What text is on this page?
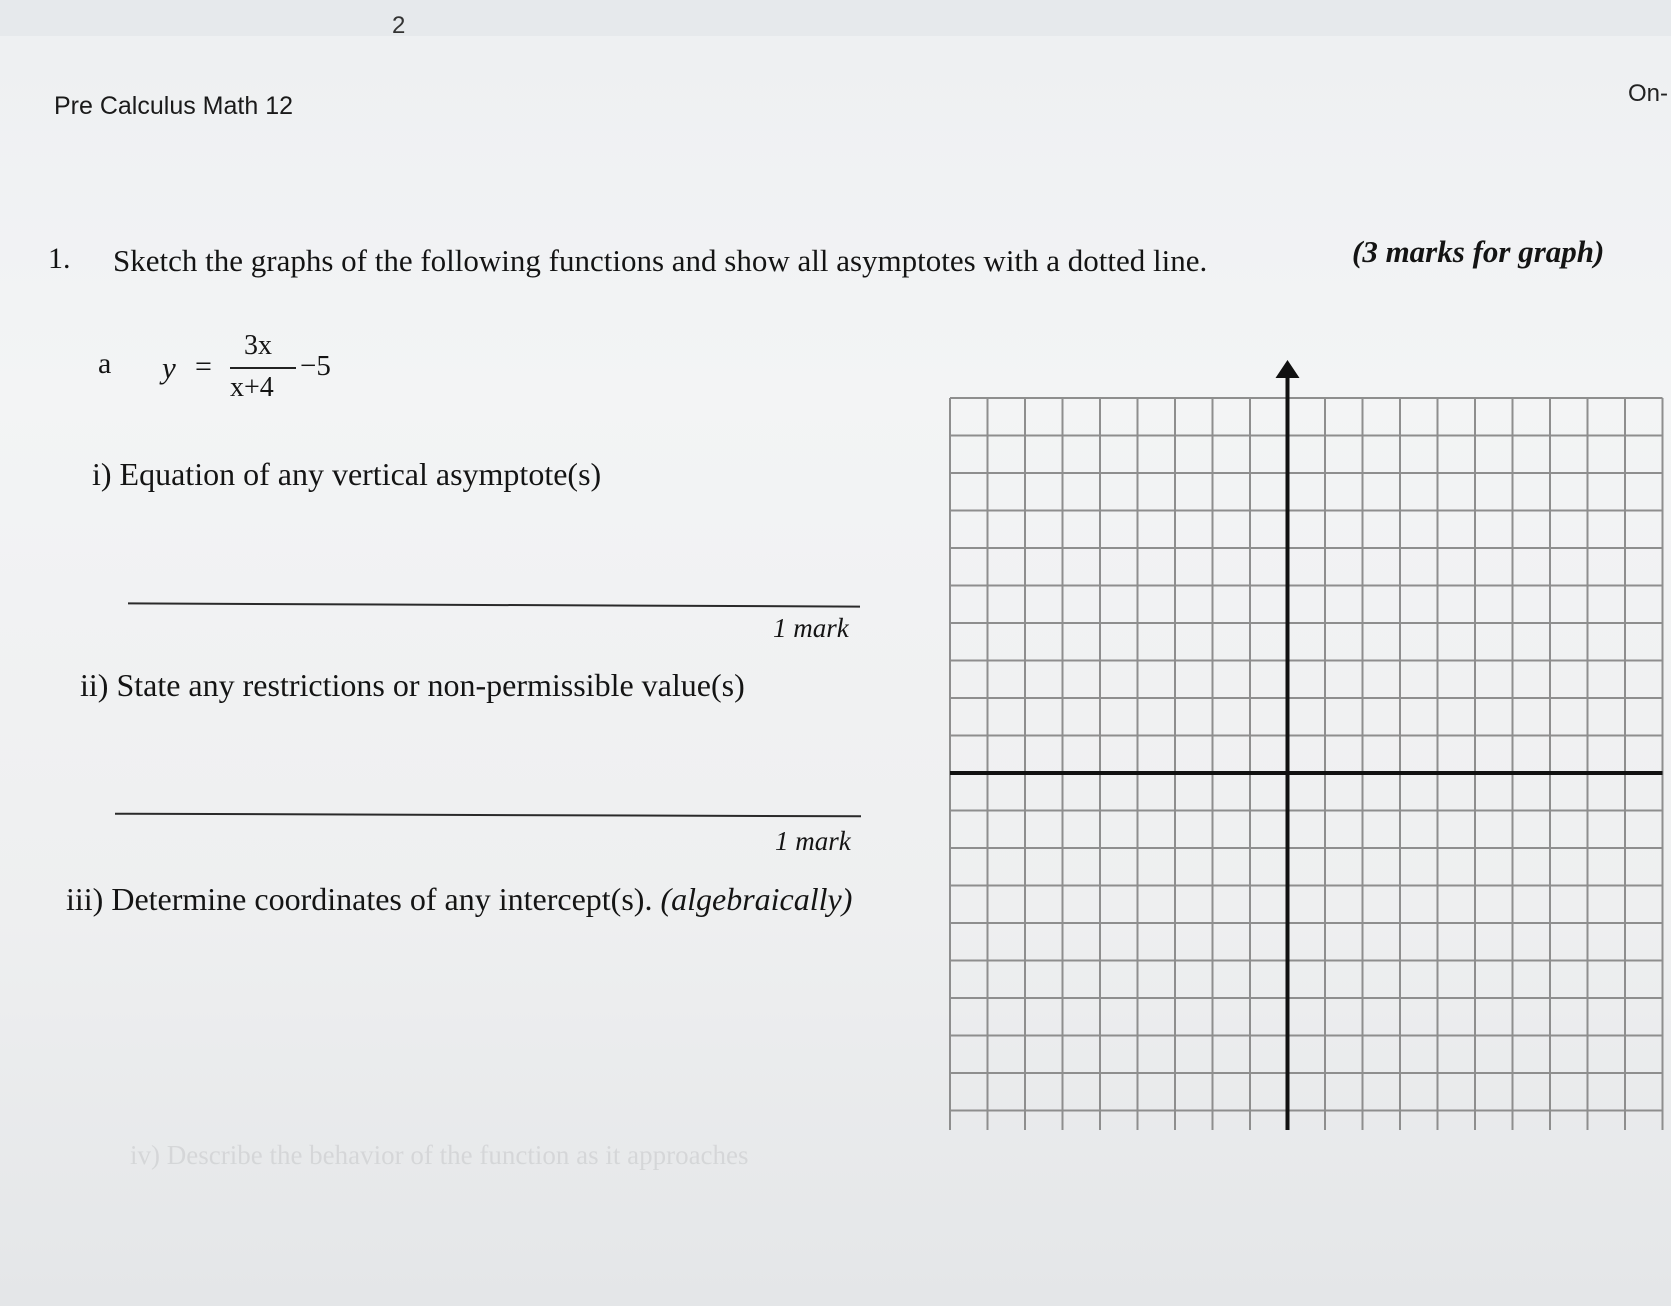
2
Pre Calculus Math 12	On-
1. Sketch the graphs of the following functions and show all asymptotes with a dotted line.	(3 marks for graph)
a y =
3x
x+4
−5
i) Equation of any vertical asymptote(s)
1 mark
ii) State any restrictions or non-permissible value(s)
1 mark
iii) Determine coordinates of any intercept(s). (algebraically)
iv) Describe the behavior of the function as it approaches
